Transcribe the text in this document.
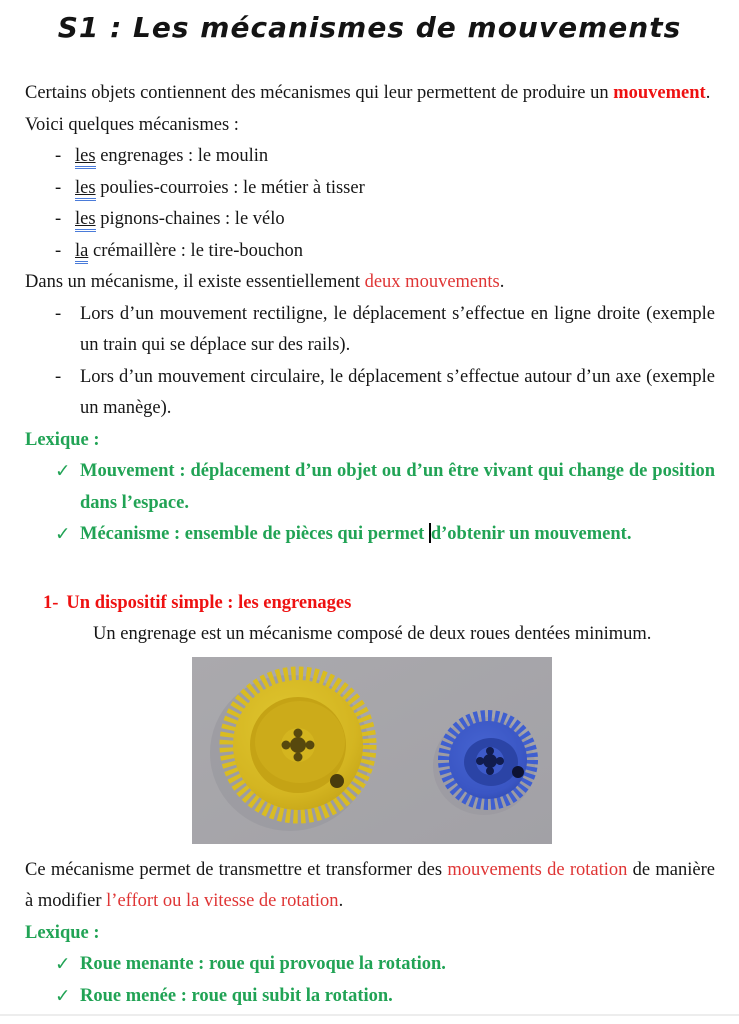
S1 : Les mécanismes de mouvements

Certains objets contiennent des mécanismes qui leur permettent de produire un mouvement.

Voici quelques mécanismes :

- les engrenages : le moulin
- les poulies-courroies : le métier à tisser
- les pignons-chaines : le vélo
- la crémaillère : le tire-bouchon

Dans un mécanisme, il existe essentiellement deux mouvements.

-	Lors d’un mouvement rectiligne, le déplacement s’effectue en ligne droite (exemple un train qui se déplace sur des rails).
-	Lors d’un mouvement circulaire, le déplacement s’effectue autour d’un axe (exemple un manège).

Lexique :

✓ Mouvement : déplacement d’un objet ou d’un être vivant qui change de position dans l’espace.
✓ Mécanisme : ensemble de pièces qui permet d’obtenir un mouvement.

1- Un dispositif simple : les engrenages

Un engrenage est un mécanisme composé de deux roues dentées minimum.

Ce mécanisme permet de transmettre et transformer des mouvements de rotation de manière à modifier l’effort ou la vitesse de rotation.

Lexique :

✓ Roue menante : roue qui provoque la rotation.
✓ Roue menée : roue qui subit la rotation.
